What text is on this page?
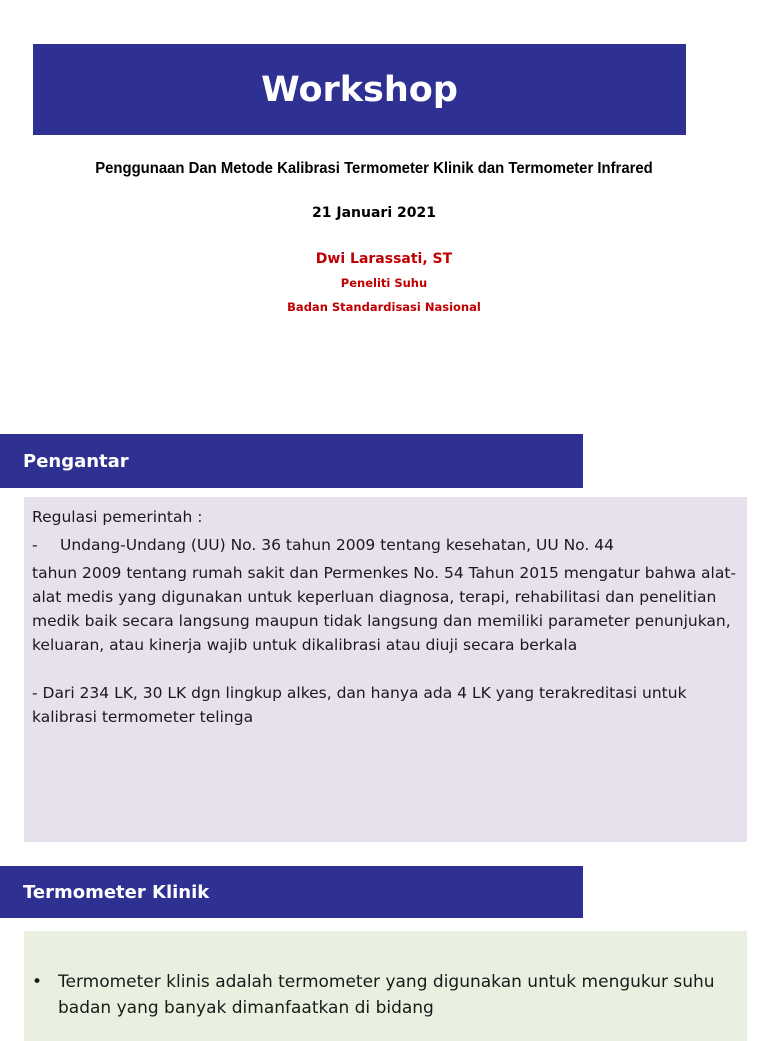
Workshop
Penggunaan Dan Metode Kalibrasi Termometer Klinik dan Termometer Infrared
21 Januari 2021
Dwi Larassati, ST
Peneliti Suhu
Badan Standardisasi Nasional
Pengantar

Regulasi pemerintah :

- Undang-Undang (UU) No. 36 tahun 2009 tentang kesehatan, UU No. 44

tahun 2009 tentang rumah sakit dan Permenkes No. 54 Tahun 2015 mengatur bahwa alat-alat medis yang digunakan untuk keperluan diagnosa, terapi, rehabilitasi dan penelitian medik baik secara langsung maupun tidak langsung dan memiliki parameter penunjukan, keluaran, atau kinerja wajib untuk dikalibrasi atau diuji secara berkala

- Dari 234 LK, 30 LK dgn lingkup alkes, dan hanya ada 4 LK yang terakreditasi untuk kalibrasi termometer telinga

Termometer Klinik
• Termometer klinis adalah termometer yang digunakan untuk mengukur suhu badan yang banyak dimanfaatkan di bidang
